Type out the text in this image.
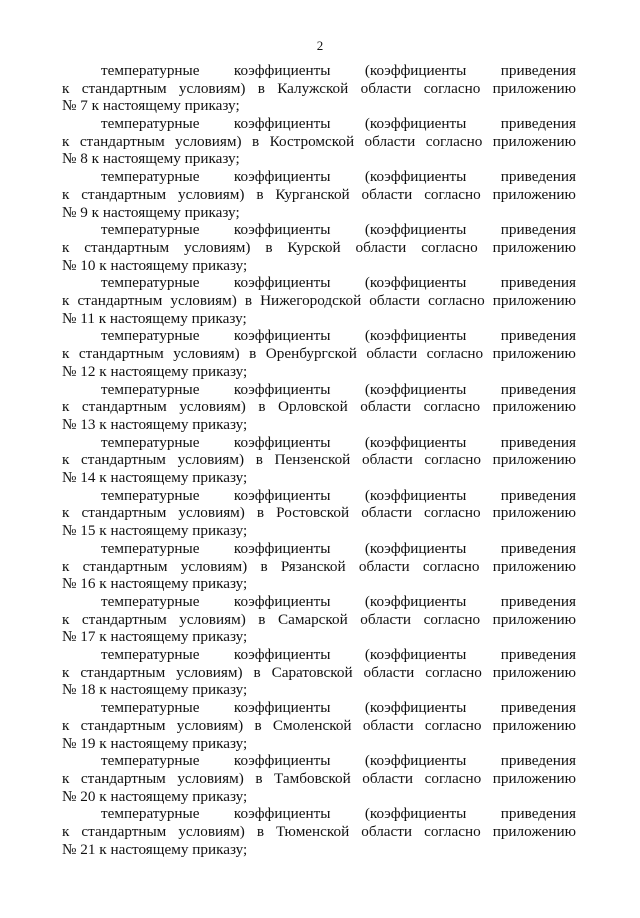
2
температурные коэффициенты (коэффициенты приведения
к стандартным условиям) в Калужской области согласно приложению
№ 7 к настоящему приказу;
температурные коэффициенты (коэффициенты приведения
к стандартным условиям) в Костромской области согласно приложению
№ 8 к настоящему приказу;
температурные коэффициенты (коэффициенты приведения
к стандартным условиям) в Курганской области согласно приложению
№ 9 к настоящему приказу;
температурные коэффициенты (коэффициенты приведения
к стандартным условиям) в Курской области согласно приложению
№ 10 к настоящему приказу;
температурные коэффициенты (коэффициенты приведения
к стандартным условиям) в Нижегородской области согласно приложению
№ 11 к настоящему приказу;
температурные коэффициенты (коэффициенты приведения
к стандартным условиям) в Оренбургской области согласно приложению
№ 12 к настоящему приказу;
температурные коэффициенты (коэффициенты приведения
к стандартным условиям) в Орловской области согласно приложению
№ 13 к настоящему приказу;
температурные коэффициенты (коэффициенты приведения
к стандартным условиям) в Пензенской области согласно приложению
№ 14 к настоящему приказу;
температурные коэффициенты (коэффициенты приведения
к стандартным условиям) в Ростовской области согласно приложению
№ 15 к настоящему приказу;
температурные коэффициенты (коэффициенты приведения
к стандартным условиям) в Рязанской области согласно приложению
№ 16 к настоящему приказу;
температурные коэффициенты (коэффициенты приведения
к стандартным условиям) в Самарской области согласно приложению
№ 17 к настоящему приказу;
температурные коэффициенты (коэффициенты приведения
к стандартным условиям) в Саратовской области согласно приложению
№ 18 к настоящему приказу;
температурные коэффициенты (коэффициенты приведения
к стандартным условиям) в Смоленской области согласно приложению
№ 19 к настоящему приказу;
температурные коэффициенты (коэффициенты приведения
к стандартным условиям) в Тамбовской области согласно приложению
№ 20 к настоящему приказу;
температурные коэффициенты (коэффициенты приведения
к стандартным условиям) в Тюменской области согласно приложению
№ 21 к настоящему приказу;
